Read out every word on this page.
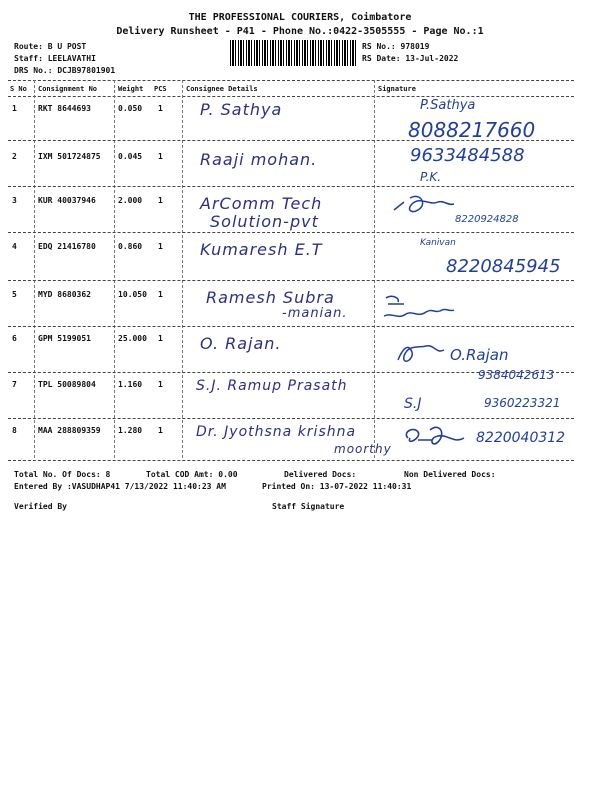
THE PROFESSIONAL COURIERS, Coimbatore
Delivery Runsheet - P41 - Phone No.:0422-3505555 - Page No.:1
Route: B U POST
Staff: LEELAVATHI
DRS No.: DCJB97801901
RS No.: 978019
RS Date: 13-Jul-2022
S No Consignment No	Weight PCS	Consignee Details	Signature
1	RKT 8644693	0.050 1 P. Sathya	P.Sathya
8088217660
2	IXM 501724875 0.045 1 Raaji mohan.	9633484588
P.K.
3	KUR 40037946	2.000 1 ArComm Tech
Solution-pvt	8220924828
4	EDQ 21416780	0.860 1 Kumaresh E.T	Kanivan
8220845945
5	MYD 8680362	10.050 1	Ramesh Subra
-manian.
6	GPM 5199051	25.000 1 O. Rajan.
O.Rajan
7	TPL 50089804	1.160 1 S.J. Ramup Prasath
9384042613
S.J	9360223321
8	MAA 288809359 1.280 1 Dr. Jyothsna krishna
moorthy
8220040312
Total No. Of Docs: 8	Total COD Amt: 0.00	Delivered Docs:	Non Delivered Docs:
Entered By :VASUDHAP41 7/13/2022 11:40:23 AM	Printed On: 13-07-2022 11:40:31
Verified By	Staff Signature
